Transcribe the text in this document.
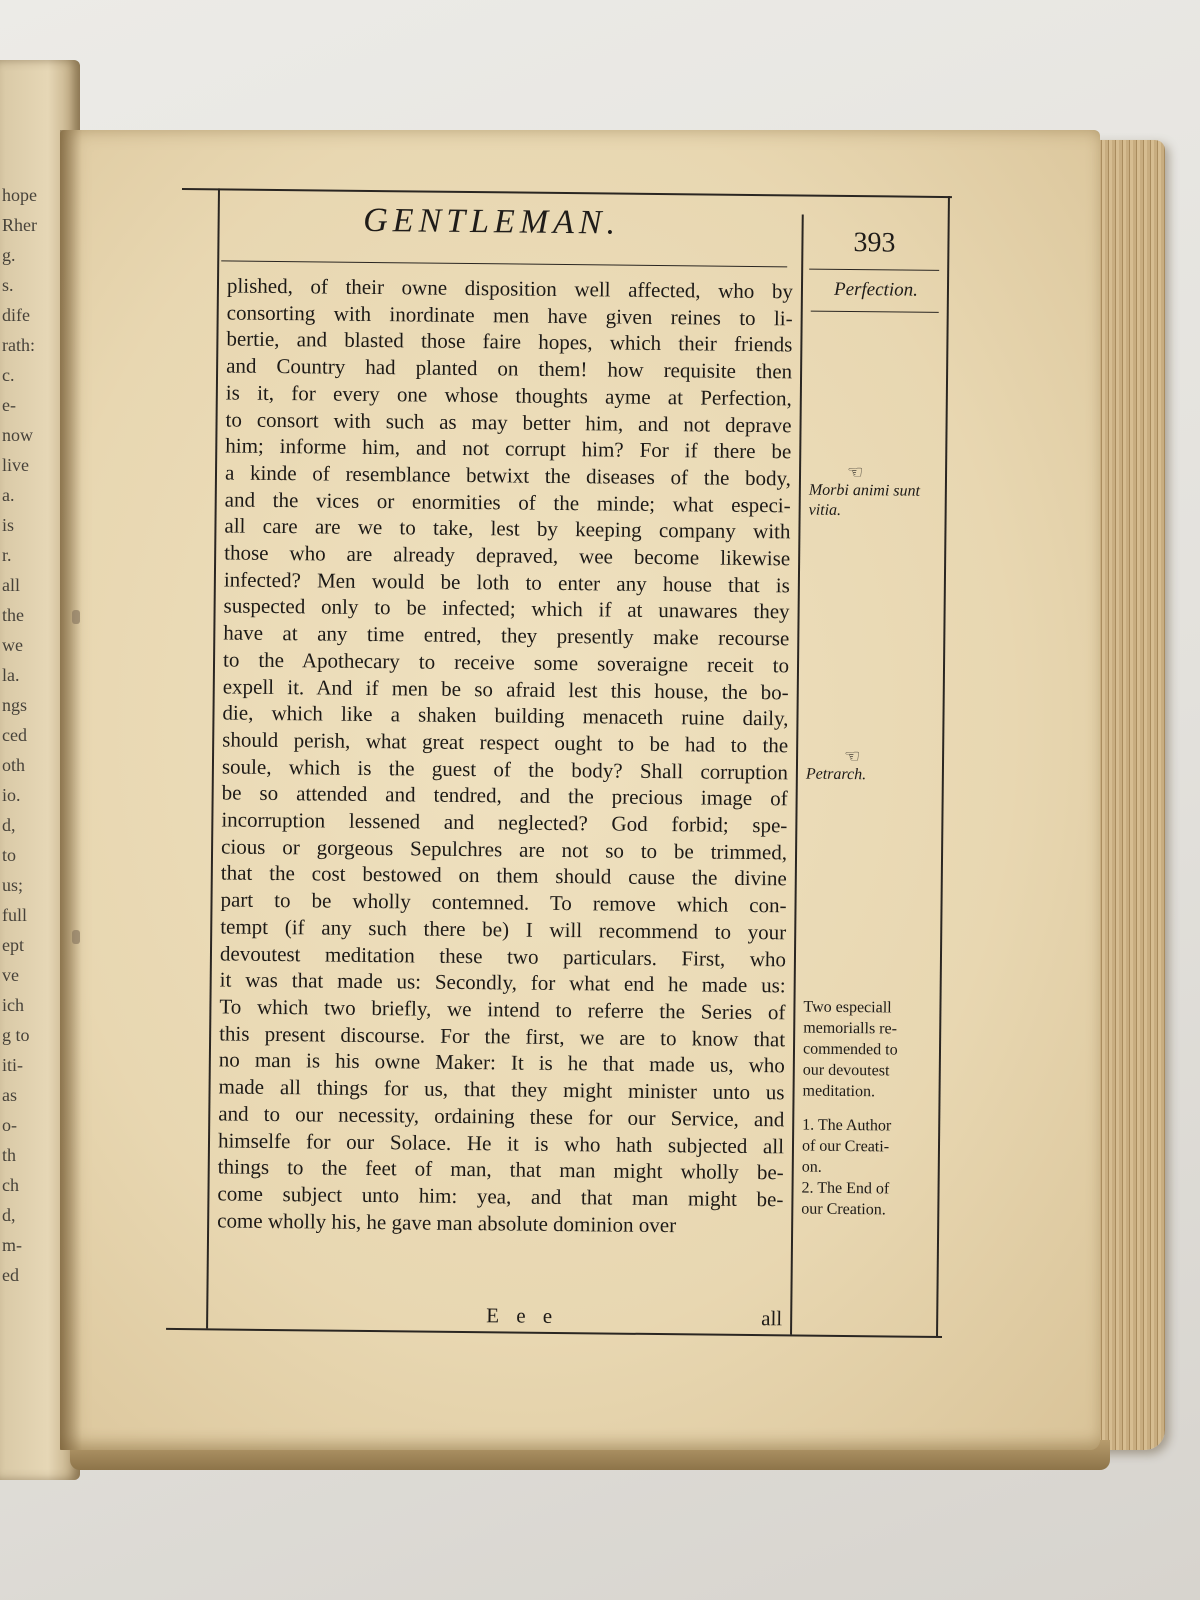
hope
Rher
g.
s.
dife
rath:
c.
e-
now
live
a.
is
r.
all
the
we
la.
ngs
ced
oth
io.
d,
to
us;
full
ept
ve
ich
g to
iti-
as
o-
th
ch
d,
m-
ed
GENTLEMAN.
393
Perfection.
plished, of their owne disposition well affected, who by
consorting with inordinate men have given reines to li-
bertie, and blasted those faire hopes, which their friends
and Country had planted on them! how requisite then
is it, for every one whose thoughts ayme at Perfection,
to consort with such as may better him, and not deprave
him; informe him, and not corrupt him? For if there be
a kinde of resemblance betwixt the diseases of the body,
and the vices or enormities of the minde; what especi-
all care are we to take, lest by keeping company with
those who are already depraved, wee become likewise
infected? Men would be loth to enter any house that is
suspected only to be infected; which if at unawares they
have at any time entred, they presently make recourse
to the Apothecary to receive some soveraigne receit to
expell it. And if men be so afraid lest this house, the bo-
die, which like a shaken building menaceth ruine daily,
should perish, what great respect ought to be had to the
soule, which is the guest of the body? Shall corruption
be so attended and tendred, and the precious image of
incorruption lessened and neglected? God forbid; spe-
cious or gorgeous Sepulchres are not so to be trimmed,
that the cost bestowed on them should cause the divine
part to be wholly contemned. To remove which con-
tempt (if any such there be) I will recommend to your
devoutest meditation these two particulars. First, who
it was that made us: Secondly, for what end he made us:
To which two briefly, we intend to referre the Series of
this present discourse. For the first, we are to know that
no man is his owne Maker: It is he that made us, who
made all things for us, that they might minister unto us
and to our necessity, ordaining these for our Service, and
himselfe for our Solace. He it is who hath subjected all
things to the feet of man, that man might wholly be-
come subject unto him: yea, and that man might be-
come wholly his, he gave man absolute dominion over
E e e	all
☜
Morbi animi sunt
vitia.
☜
Petrarch.
Two especiall
memorialls re-
commended to
our devoutest
meditation.
1. The Author
of our Creati-
on.
2. The End of
our Creation.
